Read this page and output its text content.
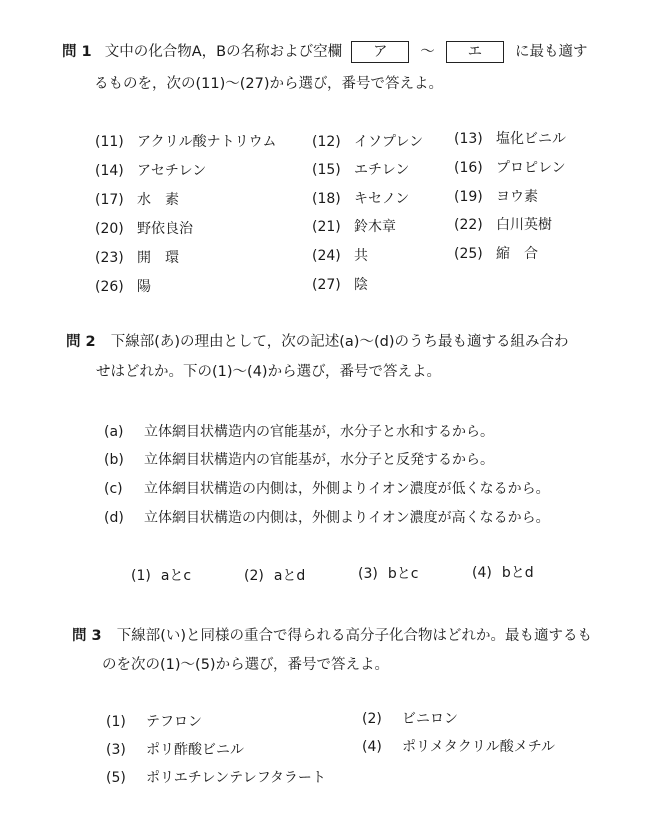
問 1 文中の化合物A，Bの名称および空欄 ア ～ エ に最も適す
るものを，次の(11)～(27)から選び，番号で答えよ。
(11) アクリル酸ナトリウム	(12) イソプレン (13) 塩化ビニル
(14) アセチレン	(15) エチレン	(16) プロピレン
(17) 水　素	(18) キセノン	(19) ヨウ素
(20) 野依良治	(21) 鈴木章	(22) 白川英樹
(23) 開　環	(24) 共	(25) 縮　合
(26) 陽	(27) 陰
問 2 下線部(あ)の理由として，次の記述(a)～(d)のうち最も適する組み合わ
せはどれか。下の(1)～(4)から選び，番号で答えよ。
(a) 立体網目状構造内の官能基が，水分子と水和するから。
(b) 立体網目状構造内の官能基が，水分子と反発するから。
(c) 立体網目状構造の内側は，外側よりイオン濃度が低くなるから。
(d) 立体網目状構造の内側は，外側よりイオン濃度が高くなるから。
(1) aとc	(2) aとd	(3) bとc	(4) bとd
問 3 下線部(い)と同様の重合で得られる高分子化合物はどれか。最も適するも
のを次の(1)～(5)から選び，番号で答えよ。
(1) テフロン	(2) ビニロン
(3) ポリ酢酸ビニル	(4) ポリメタクリル酸メチル
(5) ポリエチレンテレフタラート
